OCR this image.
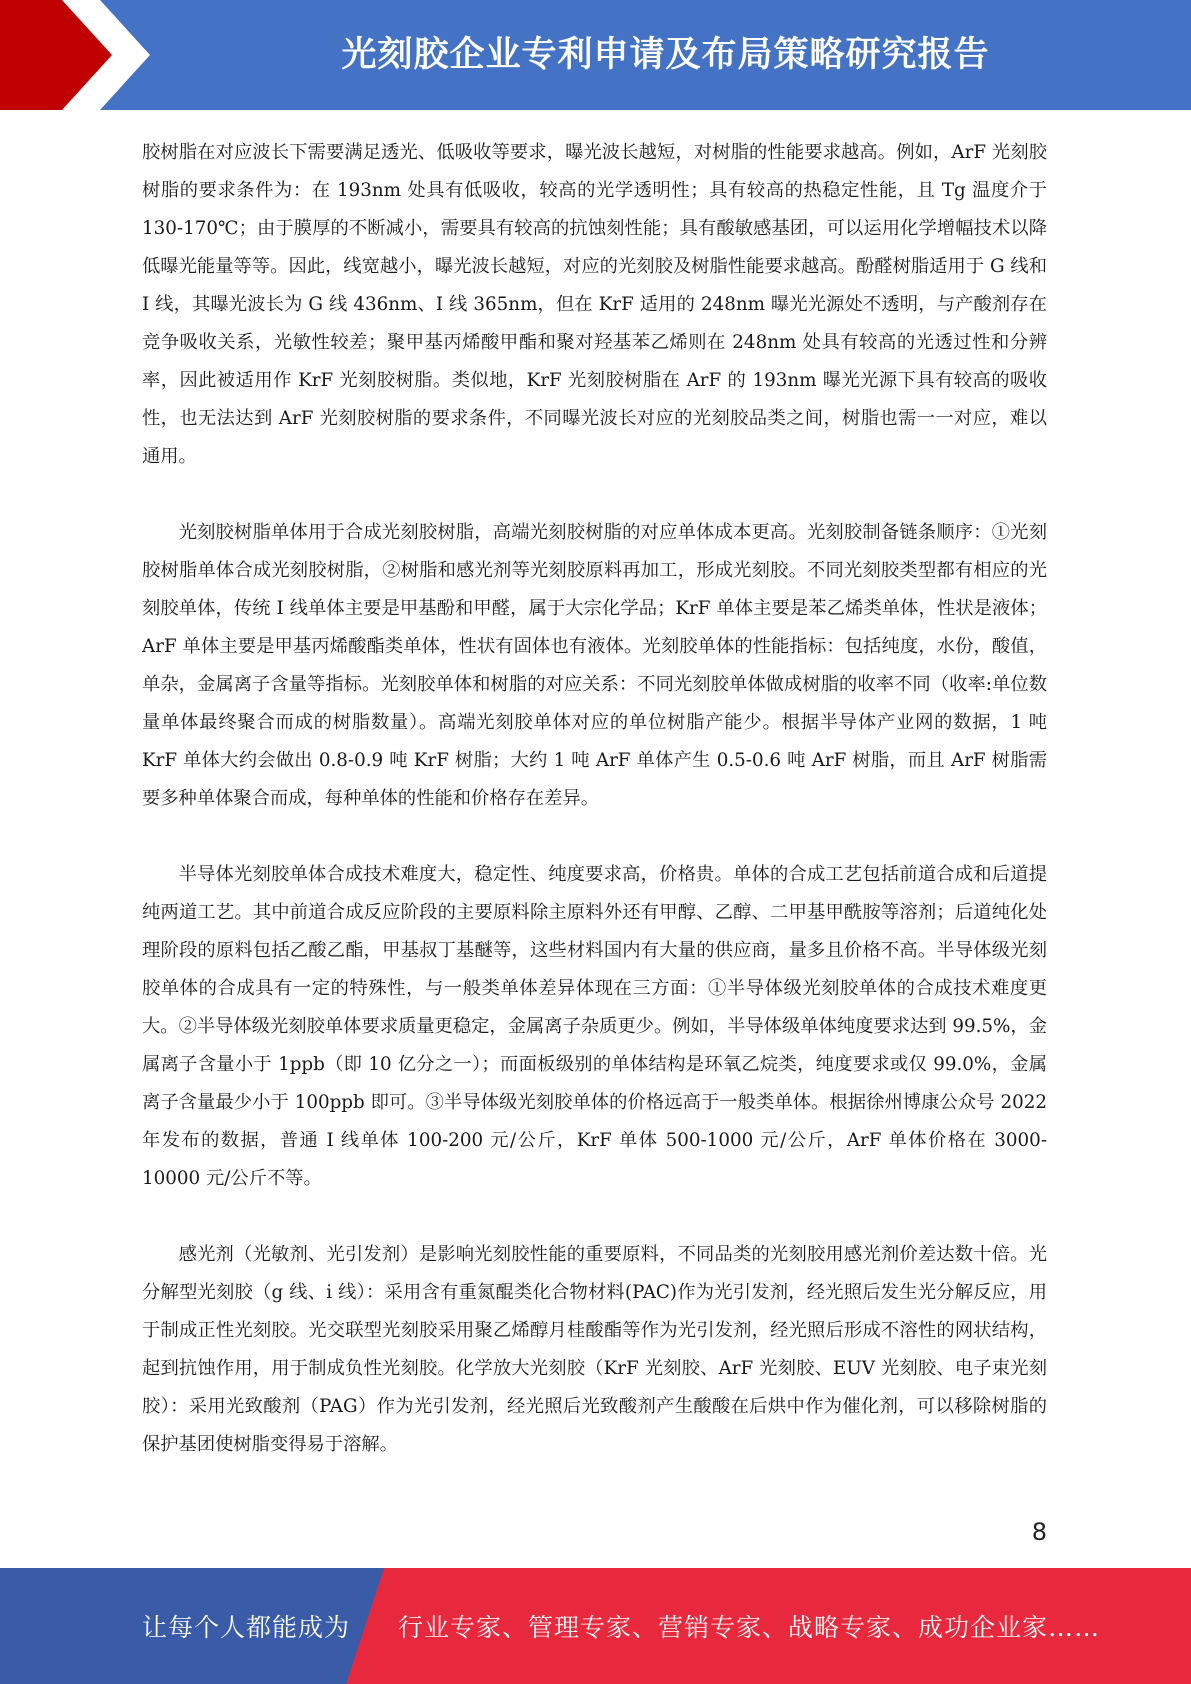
光刻胶企业专利申请及布局策略研究报告

胶树脂在对应波长下需要满足透光、低吸收等要求，曝光波长越短，对树脂的性能要求越高。例如，ArF 光刻胶树脂的要求条件为：在 193nm 处具有低吸收，较高的光学透明性；具有较高的热稳定性能，且 Tg 温度介于 130-170℃；由于膜厚的不断减小，需要具有较高的抗蚀刻性能；具有酸敏感基团，可以运用化学增幅技术以降低曝光能量等等。因此，线宽越小，曝光波长越短，对应的光刻胶及树脂性能要求越高。酚醛树脂适用于 G 线和 I 线，其曝光波长为 G 线 436nm、I 线 365nm，但在 KrF 适用的 248nm 曝光光源处不透明，与产酸剂存在竞争吸收关系，光敏性较差；聚甲基丙烯酸甲酯和聚对羟基苯乙烯则在 248nm 处具有较高的光透过性和分辨率，因此被适用作 KrF 光刻胶树脂。类似地，KrF 光刻胶树脂在 ArF 的 193nm 曝光光源下具有较高的吸收性，也无法达到 ArF 光刻胶树脂的要求条件，不同曝光波长对应的光刻胶品类之间，树脂也需一一对应，难以通用。

光刻胶树脂单体用于合成光刻胶树脂，高端光刻胶树脂的对应单体成本更高。光刻胶制备链条顺序：①光刻胶树脂单体合成光刻胶树脂，②树脂和感光剂等光刻胶原料再加工，形成光刻胶。不同光刻胶类型都有相应的光刻胶单体，传统 I 线单体主要是甲基酚和甲醛，属于大宗化学品；KrF 单体主要是苯乙烯类单体，性状是液体；ArF 单体主要是甲基丙烯酸酯类单体，性状有固体也有液体。光刻胶单体的性能指标：包括纯度，水份，酸值，单杂，金属离子含量等指标。光刻胶单体和树脂的对应关系：不同光刻胶单体做成树脂的收率不同（收率:单位数量单体最终聚合而成的树脂数量）。高端光刻胶单体对应的单位树脂产能少。根据半导体产业网的数据，1 吨 KrF 单体大约会做出 0.8-0.9 吨 KrF 树脂；大约 1 吨 ArF 单体产生 0.5-0.6 吨 ArF 树脂，而且 ArF 树脂需要多种单体聚合而成，每种单体的性能和价格存在差异。

半导体光刻胶单体合成技术难度大，稳定性、纯度要求高，价格贵。单体的合成工艺包括前道合成和后道提纯两道工艺。其中前道合成反应阶段的主要原料除主原料外还有甲醇、乙醇、二甲基甲酰胺等溶剂；后道纯化处理阶段的原料包括乙酸乙酯，甲基叔丁基醚等，这些材料国内有大量的供应商，量多且价格不高。半导体级光刻胶单体的合成具有一定的特殊性，与一般类单体差异体现在三方面：①半导体级光刻胶单体的合成技术难度更大。②半导体级光刻胶单体要求质量更稳定，金属离子杂质更少。例如，半导体级单体纯度要求达到 99.5%，金属离子含量小于 1ppb（即 10 亿分之一）；而面板级别的单体结构是环氧乙烷类，纯度要求或仅 99.0%，金属离子含量最少小于 100ppb 即可。③半导体级光刻胶单体的价格远高于一般类单体。根据徐州博康公众号 2022 年发布的数据，普通 I 线单体 100-200 元/公斤，KrF 单体 500-1000 元/公斤，ArF 单体价格在 3000-10000 元/公斤不等。

感光剂（光敏剂、光引发剂）是影响光刻胶性能的重要原料，不同品类的光刻胶用感光剂价差达数十倍。光分解型光刻胶（g 线、i 线）：采用含有重氮醌类化合物材料(PAC)作为光引发剂，经光照后发生光分解反应，用于制成正性光刻胶。光交联型光刻胶采用聚乙烯醇月桂酸酯等作为光引发剂，经光照后形成不溶性的网状结构，起到抗蚀作用，用于制成负性光刻胶。化学放大光刻胶（KrF 光刻胶、ArF 光刻胶、EUV 光刻胶、电子束光刻胶）：采用光致酸剂（PAG）作为光引发剂，经光照后光致酸剂产生酸酸在后烘中作为催化剂，可以移除树脂的保护基团使树脂变得易于溶解。

8
让每个人都能成为 行业专家、管理专家、营销专家、战略专家、成功企业家……
